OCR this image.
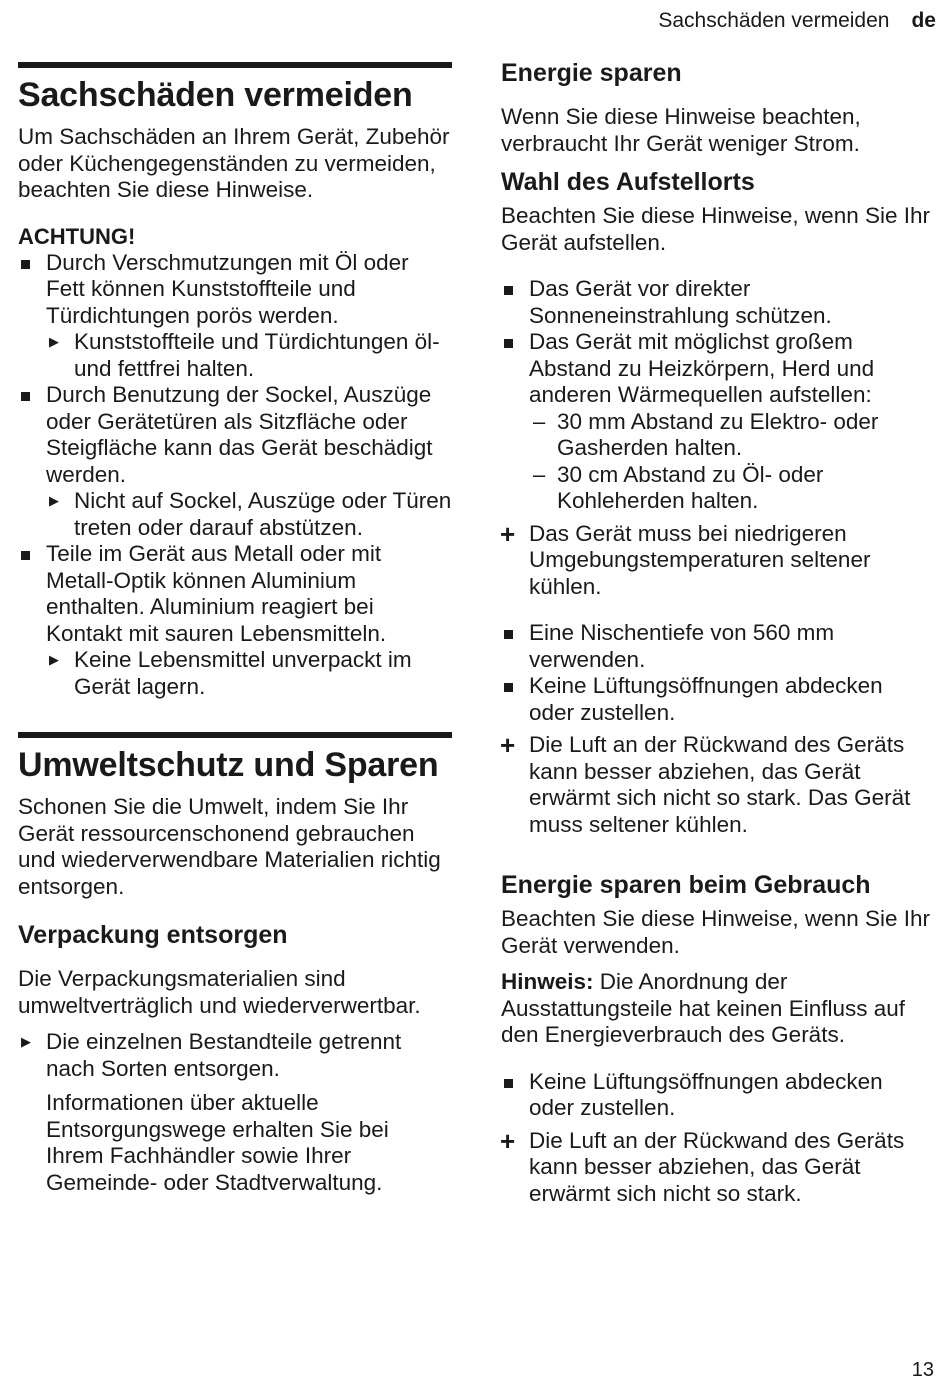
Sachschäden vermeiden de
Sachschäden vermeiden

Um Sachschäden an Ihrem Gerät, Zubehör oder Küchengegenständen zu vermeiden, beachten Sie diese Hinweise.

ACHTUNG!
Durch Verschmutzungen mit Öl oder Fett können Kunststoffteile und Türdichtungen porös werden.
▶ Kunststoffteile und Türdichtungen öl- und fettfrei halten.
Durch Benutzung der Sockel, Auszüge oder Gerätetüren als Sitzfläche oder Steigfläche kann das Gerät beschädigt werden.
▶ Nicht auf Sockel, Auszüge oder Türen treten oder darauf abstützen.
Teile im Gerät aus Metall oder mit Metall-Optik können Aluminium enthalten. Aluminium reagiert bei Kontakt mit sauren Lebensmitteln.
▶ Keine Lebensmittel unverpackt im Gerät lagern.
Umweltschutz und Sparen

Schonen Sie die Umwelt, indem Sie Ihr Gerät ressourcenschonend gebrauchen und wiederverwendbare Materialien richtig entsorgen.

Verpackung entsorgen

Die Verpackungsmaterialien sind umweltverträglich und wiederverwertbar.

▶ Die einzelnen Bestandteile getrennt nach Sorten entsorgen.

Informationen über aktuelle Entsorgungswege erhalten Sie bei Ihrem Fachhändler sowie Ihrer Gemeinde- oder Stadtverwaltung.

Energie sparen

Wenn Sie diese Hinweise beachten, verbraucht Ihr Gerät weniger Strom.

Wahl des Aufstellorts

Beachten Sie diese Hinweise, wenn Sie Ihr Gerät aufstellen.

Das Gerät vor direkter Sonneneinstrahlung schützen.
Das Gerät mit möglichst großem Abstand zu Heizkörpern, Herd und anderen Wärmequellen aufstellen:
– 30 mm Abstand zu Elektro- oder Gasherden halten.
– 30 cm Abstand zu Öl- oder Kohleherden halten.
+ Das Gerät muss bei niedrigeren Umgebungstemperaturen seltener kühlen.
Eine Nischentiefe von 560 mm verwenden.
Keine Lüftungsöffnungen abdecken oder zustellen.
+ Die Luft an der Rückwand des Geräts kann besser abziehen, das Gerät erwärmt sich nicht so stark. Das Gerät muss seltener kühlen.
Energie sparen beim Gebrauch

Beachten Sie diese Hinweise, wenn Sie Ihr Gerät verwenden.

Hinweis: Die Anordnung der Ausstattungsteile hat keinen Einfluss auf den Energieverbrauch des Geräts.

Keine Lüftungsöffnungen abdecken oder zustellen.
+ Die Luft an der Rückwand des Geräts kann besser abziehen, das Gerät erwärmt sich nicht so stark.
13
